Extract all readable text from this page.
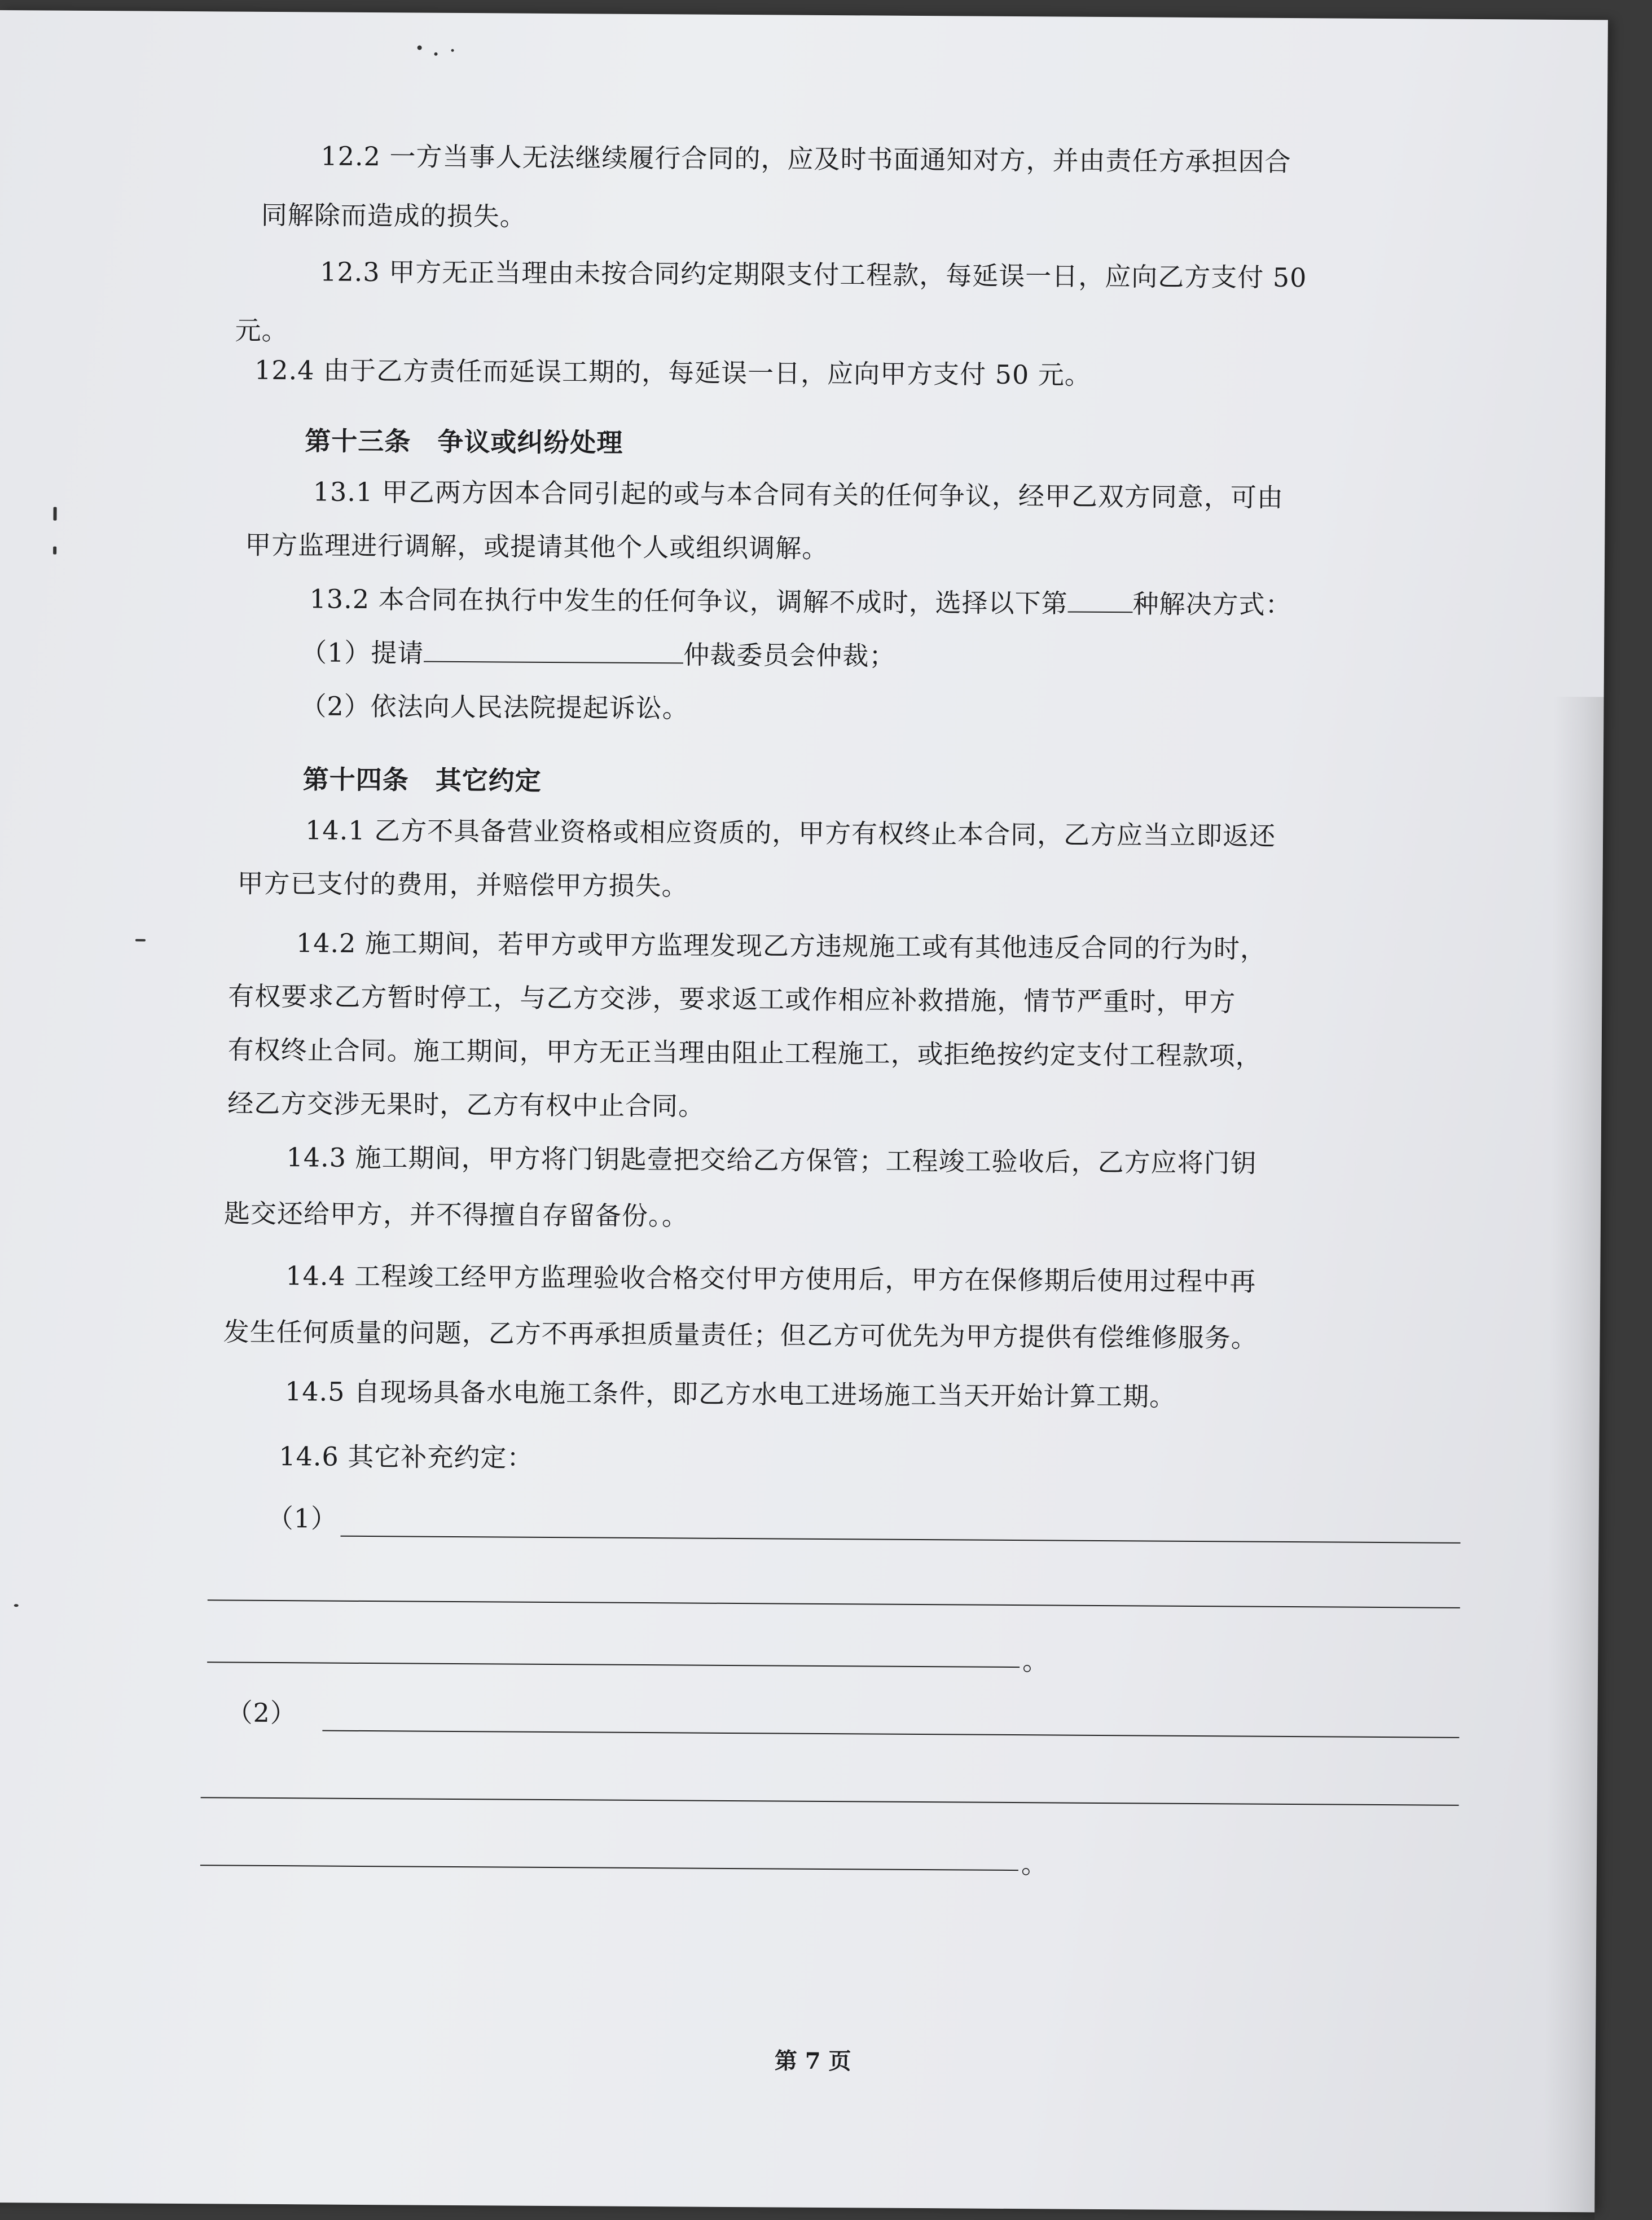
12.2 一方当事人无法继续履行合同的，应及时书面通知对方，并由责任方承担因合
同解除而造成的损失。
12.3 甲方无正当理由未按合同约定期限支付工程款，每延误一日，应向乙方支付 50
元。
12.4 由于乙方责任而延误工期的，每延误一日，应向甲方支付 50 元。
第十三条　争议或纠纷处理
13.1 甲乙两方因本合同引起的或与本合同有关的任何争议，经甲乙双方同意，可由
甲方监理进行调解，或提请其他个人或组织调解。
13.2 本合同在执行中发生的任何争议，调解不成时，选择以下第 种解决方式：
（1）提请	仲裁委员会仲裁；
（2）依法向人民法院提起诉讼。
第十四条　其它约定
14.1 乙方不具备营业资格或相应资质的，甲方有权终止本合同，乙方应当立即返还
甲方已支付的费用，并赔偿甲方损失。
14.2 施工期间，若甲方或甲方监理发现乙方违规施工或有其他违反合同的行为时，
有权要求乙方暂时停工，与乙方交涉，要求返工或作相应补救措施，情节严重时，甲方
有权终止合同。施工期间，甲方无正当理由阻止工程施工，或拒绝按约定支付工程款项，
经乙方交涉无果时，乙方有权中止合同。
14.3 施工期间，甲方将门钥匙壹把交给乙方保管；工程竣工验收后，乙方应将门钥
匙交还给甲方，并不得擅自存留备份。。
14.4 工程竣工经甲方监理验收合格交付甲方使用后，甲方在保修期后使用过程中再
发生任何质量的问题，乙方不再承担质量责任；但乙方可优先为甲方提供有偿维修服务。
14.5 自现场具备水电施工条件，即乙方水电工进场施工当天开始计算工期。
14.6 其它补充约定：
（1）
。
（2）
。
第 7 页
